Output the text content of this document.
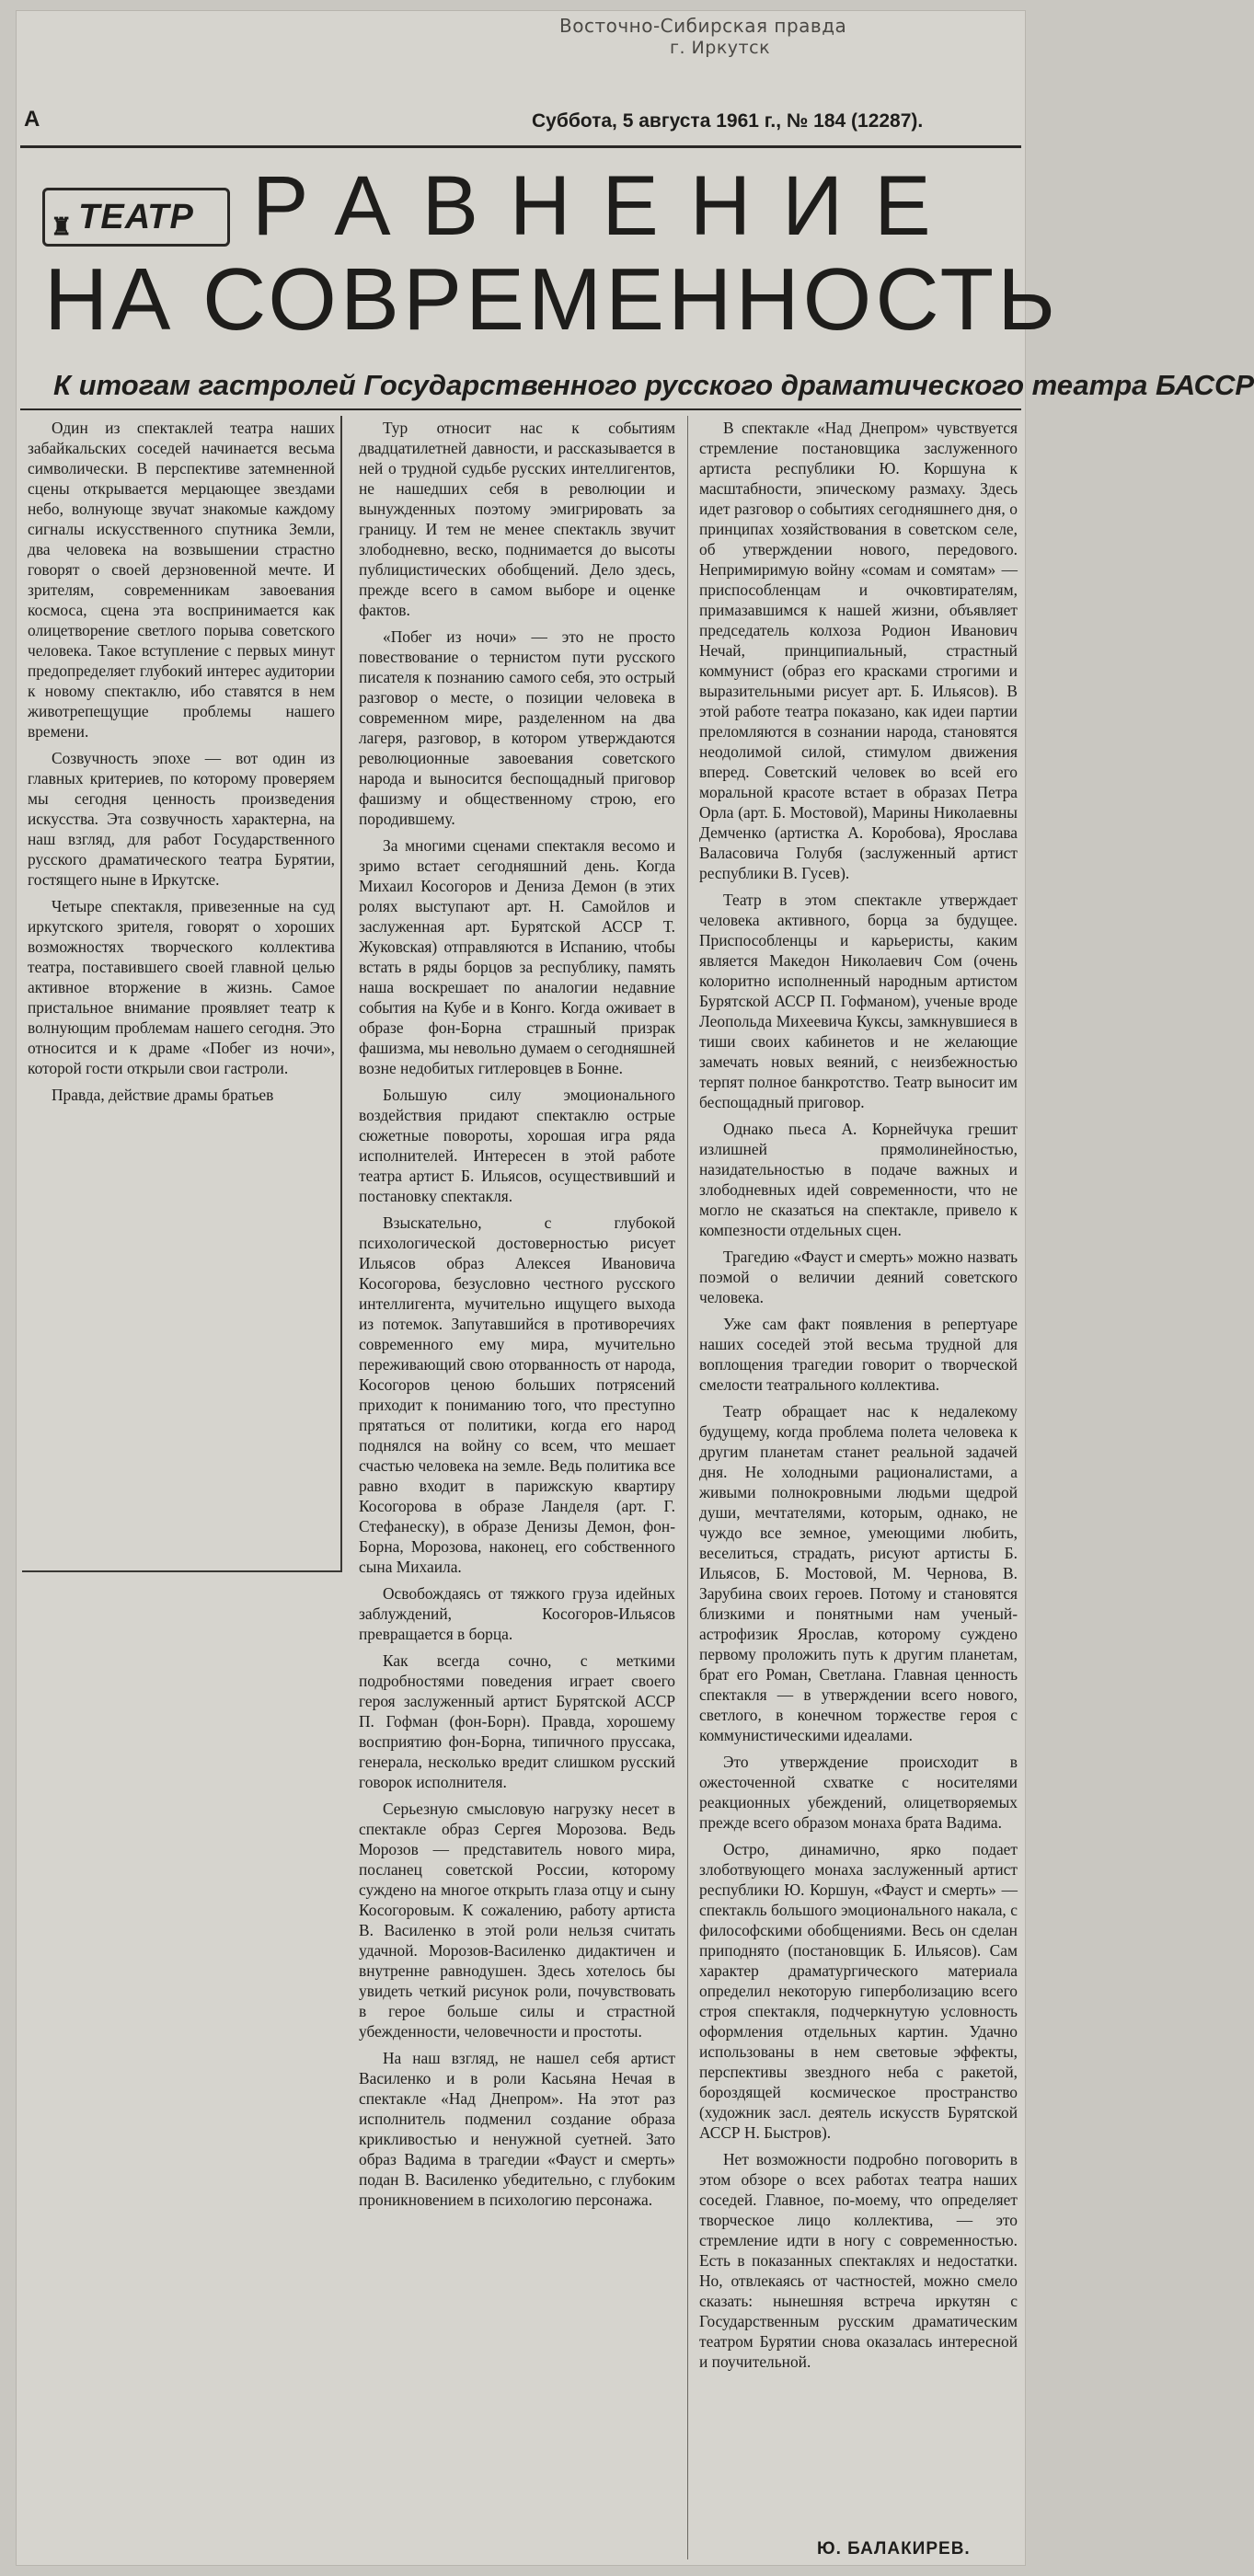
Восточно-Сибирская правда
г. Иркутск
А	Суббота, 5 августа 1961 г., № 184 (12287).
♜ ТЕАТР РАВНЕНИЕ
НА СОВРЕМЕННОСТЬ
К итогам гастролей Государственного русского драматического театра БАССР

Один из спектаклей театра наших забайкальских соседей начинается весьма символически. В перспективе затемненной сцены открывается мерцающее звездами небо, волнующе звучат знакомые каждому сигналы искусственного спутника Земли, два человека на возвышении страстно говорят о своей дерзновенной мечте. И зрителям, современникам завоевания космоса, сцена эта воспринимается как олицетворение светлого порыва советского человека. Такое вступление с первых минут предопределяет глубокий интерес аудитории к новому спектаклю, ибо ставятся в нем животрепещущие проблемы нашего времени.

Созвучность эпохе — вот один из главных критериев, по которому проверяем мы сегодня ценность произведения искусства. Эта созвучность характерна, на наш взгляд, для работ Государственного русского драматического театра Бурятии, гостящего ныне в Иркутске.

Четыре спектакля, привезенные на суд иркутского зрителя, говорят о хороших возможностях творческого коллектива театра, поставившего своей главной целью активное вторжение в жизнь. Самое пристальное внимание проявляет театр к волнующим проблемам нашего сегодня. Это относится и к драме «Побег из ночи», которой гости открыли свои гастроли.

Правда, действие драмы братьев

Тур относит нас к событиям двадцатилетней давности, и рассказывается в ней о трудной судьбе русских интеллигентов, не нашедших себя в революции и вынужденных поэтому эмигрировать за границу. И тем не менее спектакль звучит злободневно, веско, поднимается до высоты публицистических обобщений. Дело здесь, прежде всего в самом выборе и оценке фактов.

«Побег из ночи» — это не просто повествование о тернистом пути русского писателя к познанию самого себя, это острый разговор о месте, о позиции человека в современном мире, разделенном на два лагеря, разговор, в котором утверждаются революционные завоевания советского народа и выносится беспощадный приговор фашизму и общественному строю, его породившему.

За многими сценами спектакля весомо и зримо встает сегодняшний день. Когда Михаил Косогоров и Дениза Демон (в этих ролях выступают арт. Н. Самойлов и заслуженная арт. Бурятской АССР Т. Жуковская) отправляются в Испанию, чтобы встать в ряды борцов за республику, память наша воскрешает по аналогии недавние события на Кубе и в Конго. Когда оживает в образе фон-Борна страшный призрак фашизма, мы невольно думаем о сегодняшней возне недобитых гитлеровцев в Бонне.

Большую силу эмоционального воздействия придают спектаклю острые сюжетные повороты, хорошая игра ряда исполнителей. Интересен в этой работе театра артист Б. Ильясов, осуществивший и постановку спектакля.

Взыскательно, с глубокой психологической достоверностью рисует Ильясов образ Алексея Ивановича Косогорова, безусловно честного русского интеллигента, мучительно ищущего выхода из потемок. Запутавшийся в противоречиях современного ему мира, мучительно переживающий свою оторванность от народа, Косогоров ценою больших потрясений приходит к пониманию того, что преступно прятаться от политики, когда его народ поднялся на войну со всем, что мешает счастью человека на земле. Ведь политика все равно входит в парижскую квартиру Косогорова в образе Ланделя (арт. Г. Стефанеску), в образе Денизы Демон, фон-Борна, Морозова, наконец, его собственного сына Михаила.

Освобождаясь от тяжкого груза идейных заблуждений, Косогоров-Ильясов превращается в борца.

Как всегда сочно, с меткими подробностями поведения играет своего героя заслуженный артист Бурятской АССР П. Гофман (фон-Борн). Правда, хорошему восприятию фон-Борна, типичного пруссака, генерала, несколько вредит слишком русский говорок исполнителя.

Серьезную смысловую нагрузку несет в спектакле образ Сергея Морозова. Ведь Морозов — представитель нового мира, посланец советской России, которому суждено на многое открыть глаза отцу и сыну Косогоровым. К сожалению, работу артиста В. Василенко в этой роли нельзя считать удачной. Морозов-Василенко дидактичен и внутренне равнодушен. Здесь хотелось бы увидеть четкий рисунок роли, почувствовать в герое больше силы и страстной убежденности, человечности и простоты.

На наш взгляд, не нашел себя артист Василенко и в роли Касьяна Нечая в спектакле «Над Днепром». На этот раз исполнитель подменил создание образа крикливостью и ненужной суетней. Зато образ Вадима в трагедии «Фауст и смерть» подан В. Василенко убедительно, с глубоким проникновением в психологию персонажа.

В спектакле «Над Днепром» чувствуется стремление постановщика заслуженного артиста республики Ю. Коршуна к масштабности, эпическому размаху. Здесь идет разговор о событиях сегодняшнего дня, о принципах хозяйствования в советском селе, об утверждении нового, передового. Непримиримую войну «сомам и сомятам» — приспособленцам и очковтирателям, примазавшимся к нашей жизни, объявляет председатель колхоза Родион Иванович Нечай, принципиальный, страстный коммунист (образ его красками строгими и выразительными рисует арт. Б. Ильясов). В этой работе театра показано, как идеи партии преломляются в сознании народа, становятся неодолимой силой, стимулом движения вперед. Советский человек во всей его моральной красоте встает в образах Петра Орла (арт. Б. Мостовой), Марины Николаевны Демченко (артистка А. Коробова), Ярослава Валасовича Голубя (заслуженный артист республики В. Гусев).

Театр в этом спектакле утверждает человека активного, борца за будущее. Приспособленцы и карьеристы, каким является Македон Николаевич Сом (очень колоритно исполненный народным артистом Бурятской АССР П. Гофманом), ученые вроде Леопольда Михеевича Куксы, замкнувшиеся в тиши своих кабинетов и не желающие замечать новых веяний, с неизбежностью терпят полное банкротство. Театр выносит им беспощадный приговор.

Однако пьеса А. Корнейчука грешит излишней прямолинейностью, назидательностью в подаче важных и злободневных идей современности, что не могло не сказаться на спектакле, привело к компезности отдельных сцен.

Трагедию «Фауст и смерть» можно назвать поэмой о величии деяний советского человека.

Уже сам факт появления в репертуаре наших соседей этой весьма трудной для воплощения трагедии говорит о творческой смелости театрального коллектива.

Театр обращает нас к недалекому будущему, когда проблема полета человека к другим планетам станет реальной задачей дня. Не холодными рационалистами, а живыми полнокровными людьми щедрой души, мечтателями, которым, однако, не чуждо все земное, умеющими любить, веселиться, страдать, рисуют артисты Б. Ильясов, Б. Мостовой, М. Чернова, В. Зарубина своих героев. Потому и становятся близкими и понятными нам ученый-астрофизик Ярослав, которому суждено первому проложить путь к другим планетам, брат его Роман, Светлана. Главная ценность спектакля — в утверждении всего нового, светлого, в конечном торжестве героя с коммунистическими идеалами.

Это утверждение происходит в ожесточенной схватке с носителями реакционных убеждений, олицетворяемых прежде всего образом монаха брата Вадима.

Остро, динамично, ярко подает злоботвующего монаха заслуженный артист республики Ю. Коршун, «Фауст и смерть» — спектакль большого эмоционального накала, с философскими обобщениями. Весь он сделан приподнято (постановщик Б. Ильясов). Сам характер драматургического материала определил некоторую гиперболизацию всего строя спектакля, подчеркнутую условность оформления отдельных картин. Удачно использованы в нем световые эффекты, перспективы звездного неба с ракетой, бороздящей космическое пространство (художник засл. деятель искусств Бурятской АССР Н. Быстров).

Нет возможности подробно поговорить в этом обзоре о всех работах театра наших соседей. Главное, по-моему, что определяет творческое лицо коллектива, — это стремление идти в ногу с современностью. Есть в показанных спектаклях и недостатки. Но, отвлекаясь от частностей, можно смело сказать: нынешняя встреча иркутян с Государственным русским драматическим театром Бурятии снова оказалась интересной и поучительной.

Ю. БАЛАКИРЕВ.
